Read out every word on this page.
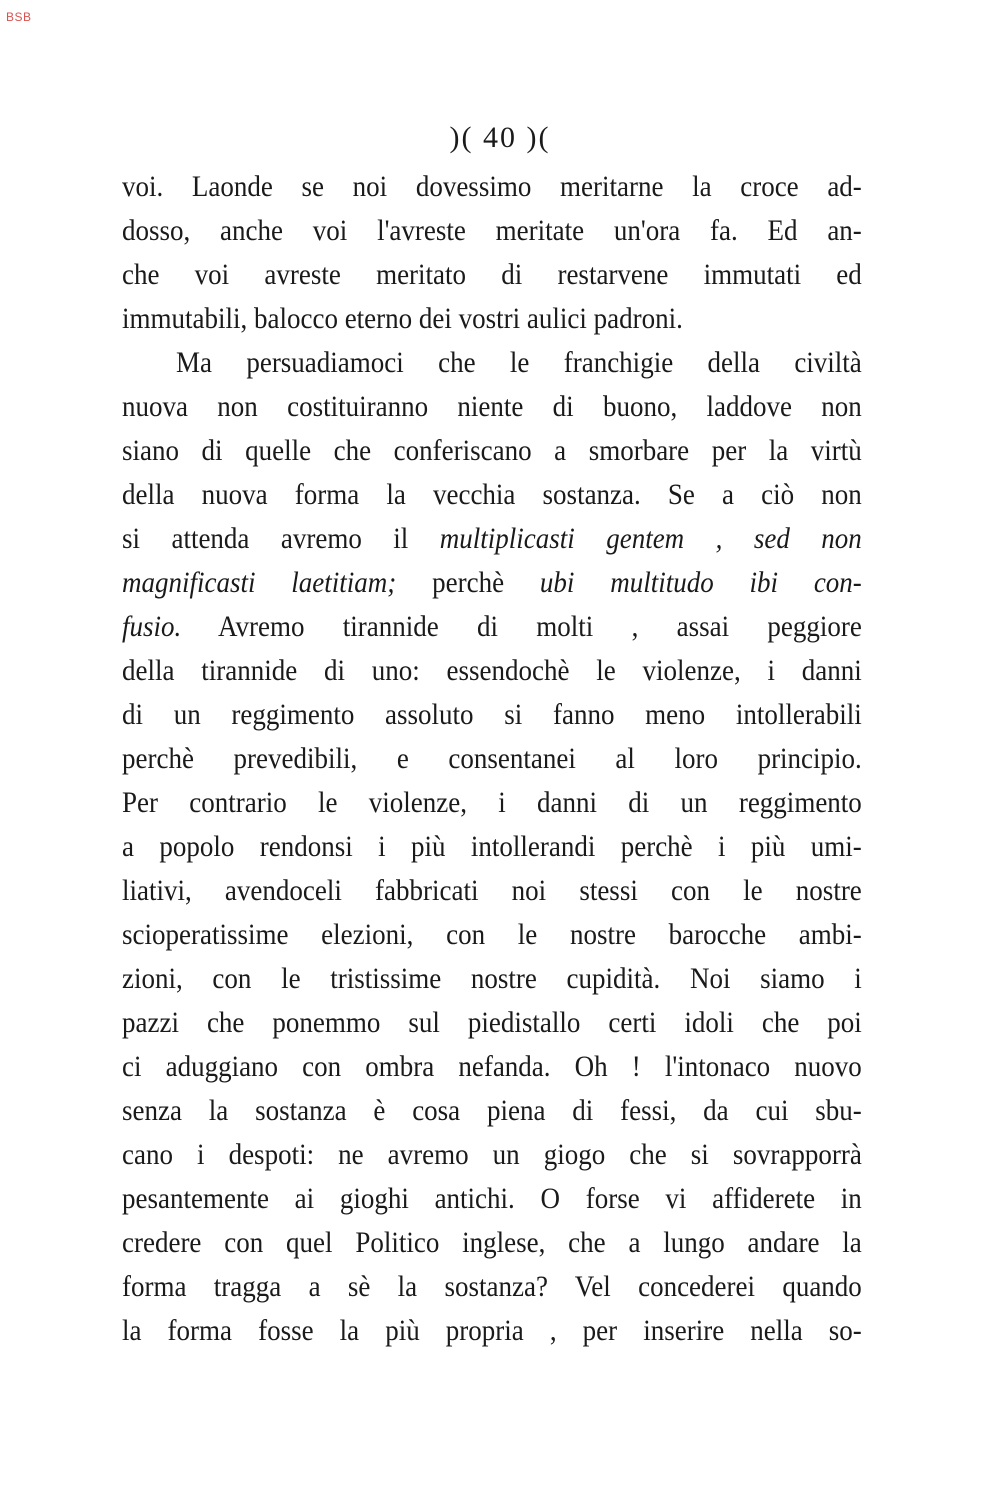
BSB
)( 40 )(
voi. Laonde se noi dovessimo meritarne la croce ad-
dosso, anche voi l'avreste meritate un'ora fa. Ed an-
che voi avreste meritato di restarvene immutati ed
immutabili, balocco eterno dei vostri aulici padroni.
Ma persuadiamoci che le franchigie della civiltà
nuova non costituiranno niente di buono, laddove non
siano di quelle che conferiscano a smorbare per la virtù
della nuova forma la vecchia sostanza. Se a ciò non
si attenda avremo il multiplicasti gentem , sed non
magnificasti laetitiam; perchè ubi multitudo ibi con-
fusio. Avremo tirannide di molti , assai peggiore
della tirannide di uno: essendochè le violenze, i danni
di un reggimento assoluto si fanno meno intollerabili
perchè prevedibili, e consentanei al loro principio.
Per contrario le violenze, i danni di un reggimento
a popolo rendonsi i più intollerandi perchè i più umi-
liativi, avendoceli fabbricati noi stessi con le nostre
scioperatissime elezioni, con le nostre barocche ambi-
zioni, con le tristissime nostre cupidità. Noi siamo i
pazzi che ponemmo sul piedistallo certi idoli che poi
ci aduggiano con ombra nefanda. Oh ! l'intonaco nuovo
senza la sostanza è cosa piena di fessi, da cui sbu-
cano i despoti: ne avremo un giogo che si sovrapporrà
pesantemente ai gioghi antichi. O forse vi affiderete in
credere con quel Politico inglese, che a lungo andare la
forma tragga a sè la sostanza? Vel concederei quando
la forma fosse la più propria , per inserire nella so-
